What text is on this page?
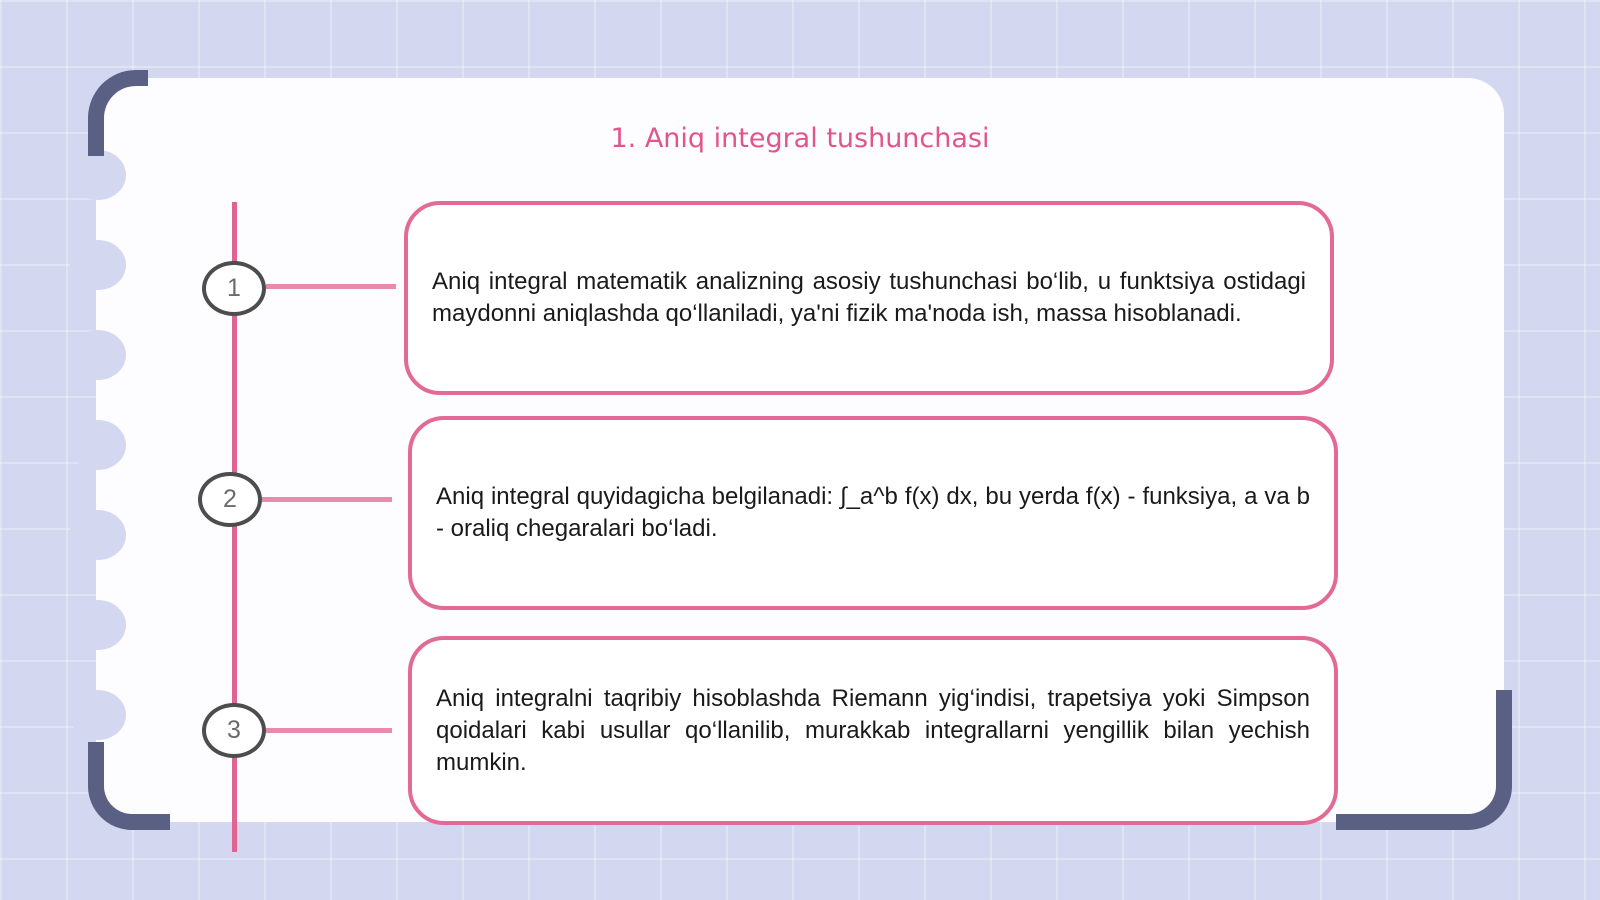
1. Aniq integral tushunchasi
1
2
3
Aniq integral matematik analizning asosiy tushunchasi bo‘lib, u funktsiya ostidagi maydonni aniqlashda qo‘llaniladi, ya'ni fizik ma'noda ish, massa hisoblanadi.
Aniq integral quyidagicha belgilanadi: ∫_a^b f(x) dx, bu yerda f(x) - funksiya, a va b - oraliq chegaralari bo‘ladi.
Aniq integralni taqribiy hisoblashda Riemann yig‘indisi, trapetsiya yoki Simpson qoidalari kabi usullar qo‘llanilib, murakkab integrallarni yengillik bilan yechish mumkin.
